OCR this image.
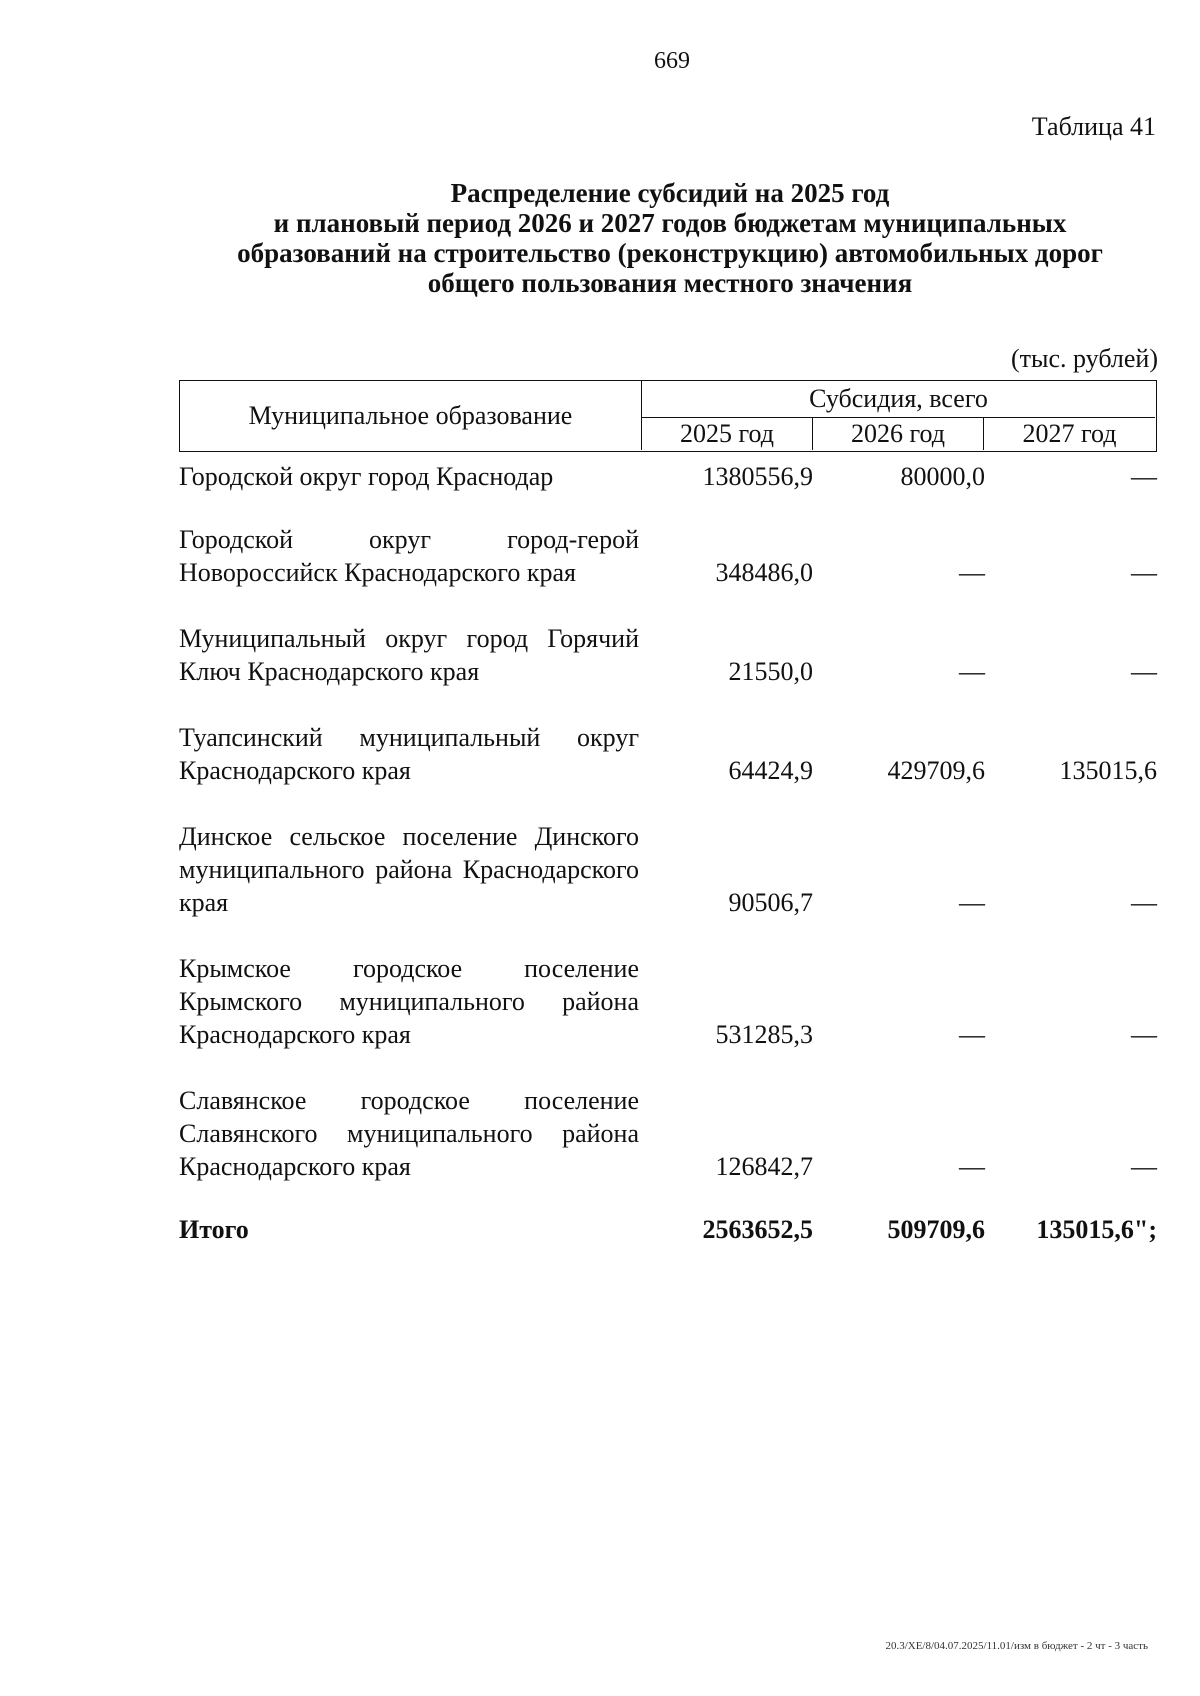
669
Таблица 41
Распределение субсидий на 2025 год
и плановый период 2026 и 2027 годов бюджетам муниципальных
образований на строительство (реконструкцию) автомобильных дорог
общего пользования местного значения
(тыс. рублей)
Муниципальное образование
Субсидия, всего
2025 год	2026 год	2027 год
Городской округ город Краснодар	1380556,9	80000,0	—
Городской округ город-герой Новороссийск Краснодарского края	348486,0	—	—
Муниципальный округ город Горячий Ключ Краснодарского края	21550,0	—	—
Туапсинский муниципальный округ Краснодарского края	64424,9	429709,6	135015,6
Динское сельское поселение Динского муниципального района Краснодарского края	90506,7	—	—
Крымское городское поселение Крымского муниципального района Краснодарского края	531285,3	—	—
Славянское городское поселение Славянского муниципального района Краснодарского края	126842,7	—	—
Итого	2563652,5	509709,6	135015,6";
20.3/ХЕ/8/04.07.2025/11.01/изм в бюджет - 2 чт - 3 часть
